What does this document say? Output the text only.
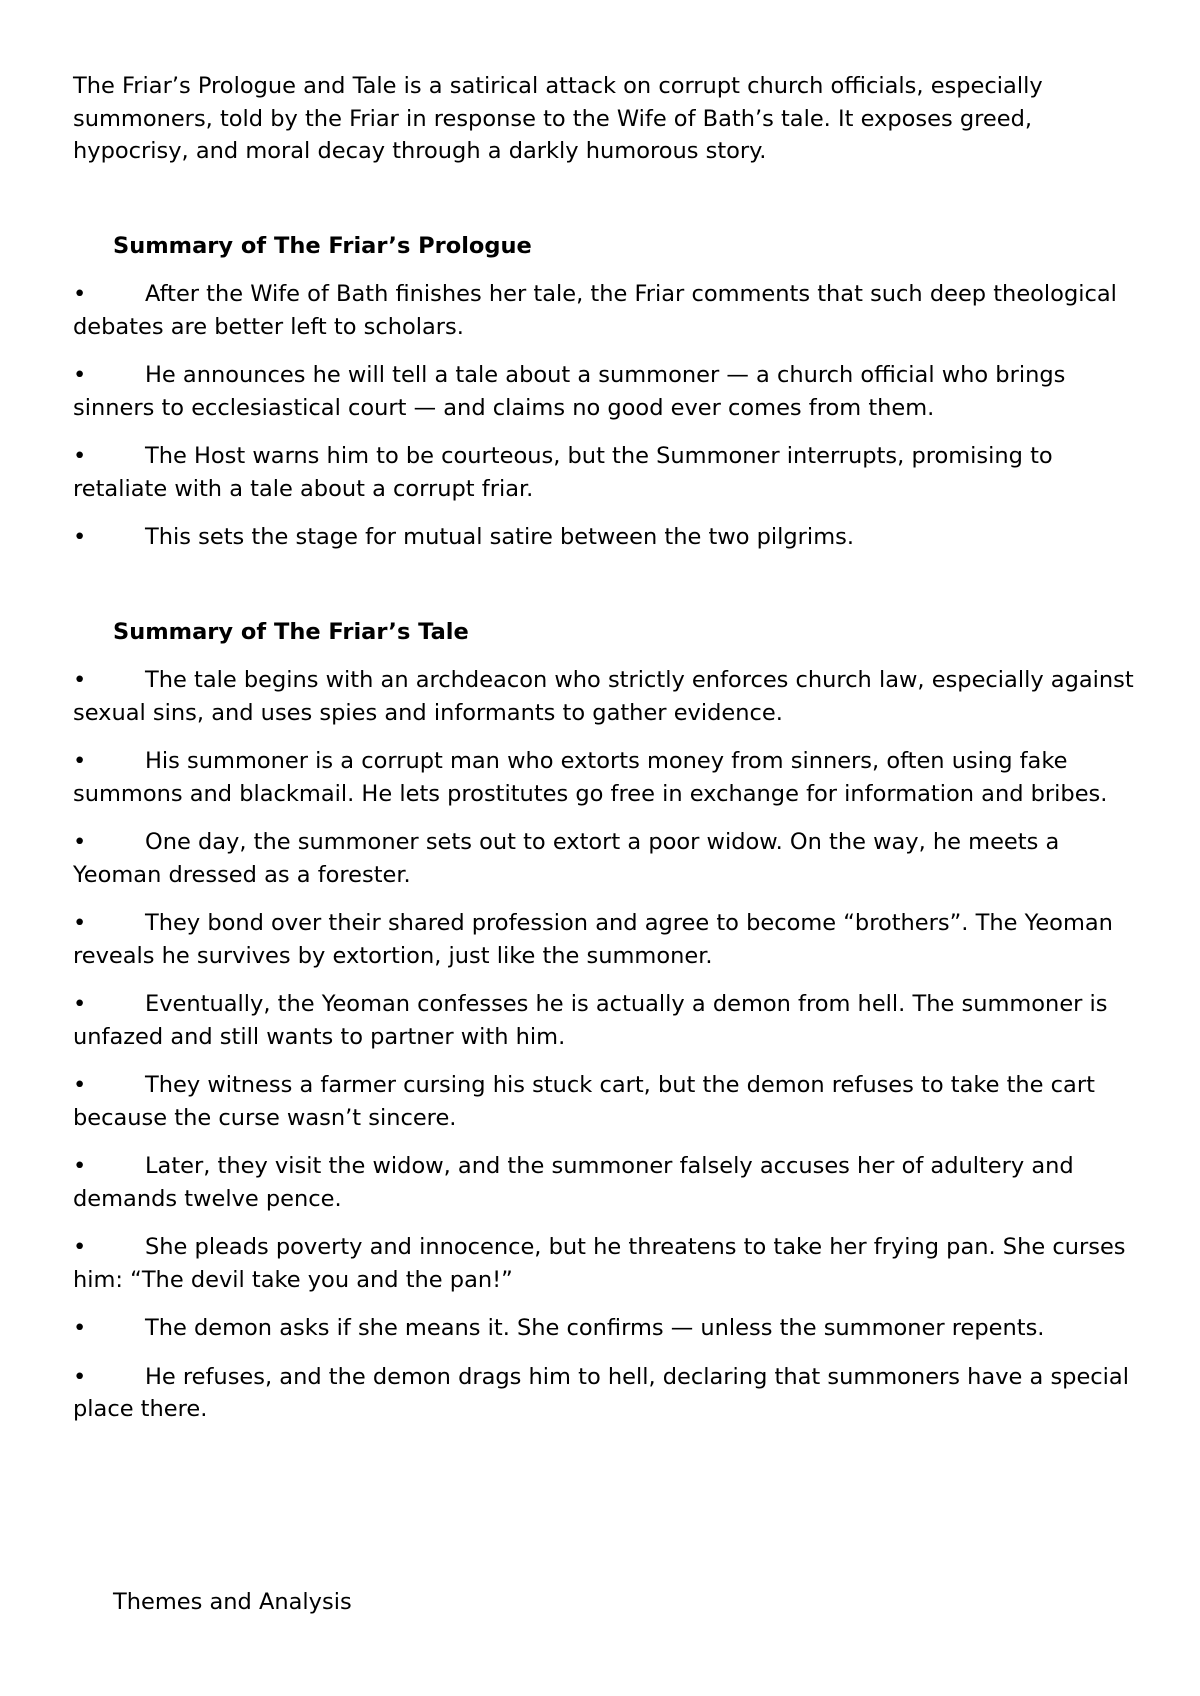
The Friar’s Prologue and Tale is a satirical attack on corrupt church officials, especially summoners, told by the Friar in response to the Wife of Bath’s tale. It exposes greed, hypocrisy, and moral decay through a darkly humorous story.

Summary of The Friar’s Prologue
•	After the Wife of Bath finishes her tale, the Friar comments that such deep theological debates are better left to scholars.
•	He announces he will tell a tale about a summoner — a church official who brings sinners to ecclesiastical court — and claims no good ever comes from them.
•	The Host warns him to be courteous, but the Summoner interrupts, promising to retaliate with a tale about a corrupt friar.
•	This sets the stage for mutual satire between the two pilgrims.
Summary of The Friar’s Tale
•	The tale begins with an archdeacon who strictly enforces church law, especially against sexual sins, and uses spies and informants to gather evidence.
•	His summoner is a corrupt man who extorts money from sinners, often using fake summons and blackmail. He lets prostitutes go free in exchange for information and bribes.
•	One day, the summoner sets out to extort a poor widow. On the way, he meets a Yeoman dressed as a forester.
•	They bond over their shared profession and agree to become “brothers”. The Yeoman reveals he survives by extortion, just like the summoner.
•	Eventually, the Yeoman confesses he is actually a demon from hell. The summoner is unfazed and still wants to partner with him.
•	They witness a farmer cursing his stuck cart, but the demon refuses to take the cart because the curse wasn’t sincere.
•	Later, they visit the widow, and the summoner falsely accuses her of adultery and demands twelve pence.
•	She pleads poverty and innocence, but he threatens to take her frying pan. She curses him: “The devil take you and the pan!”
•	The demon asks if she means it. She confirms — unless the summoner repents.
•	He refuses, and the demon drags him to hell, declaring that summoners have a special place there.

Themes and Analysis
